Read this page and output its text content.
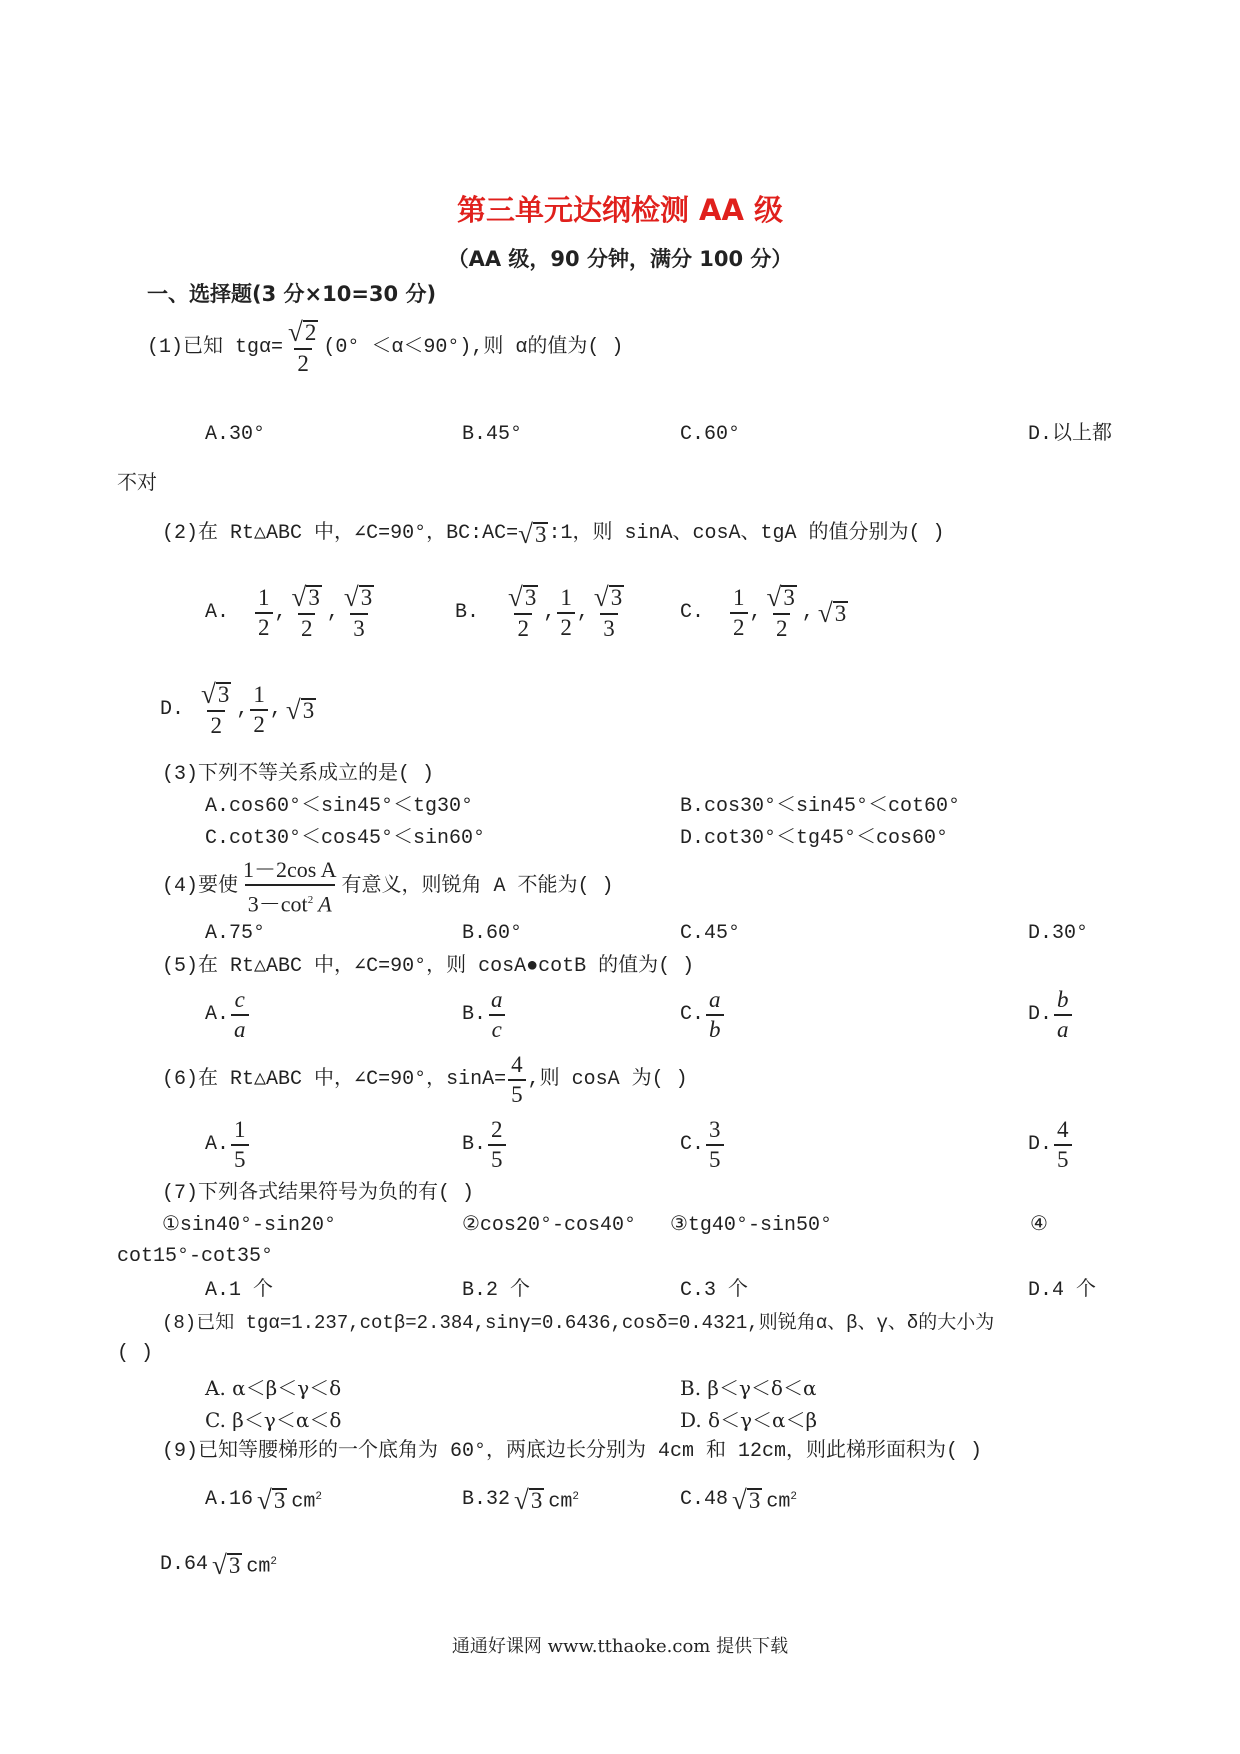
第三单元达纲检测 AA 级
（AA 级，90 分钟，满分 100 分）
一、选择题(3 分×10=30 分)
(1)已知 $tg\alpha= \frac{√ 2}{2} (0^\circ <\alpha<90^\circ)$,则 α的值为( )
A.30°	B.45°	C.60°	D.以上都
不对
(2)在 Rt△ABC 中，∠C=90°，BC:AC= √ 3 :1，则 sinA、cosA、tgA 的值分别为( )
A.
$\frac{1}{2}$ , $\frac{√ 3}{2}$ , $\frac{√ 3}{3}$	B.
$\frac{√ 3}{2}$ , $\frac{1}{2}$ , $\frac{√ 3}{3}$	C.
$\frac{1}{2}$ , $\frac{√ 3}{2}$ , √ 3
D.
$\frac{√ 3}{2}$ , $\frac{1}{2}$ , √ 3
(3)下列不等关系成立的是( )
A.cos60°＜sin45°＜tg30°	B.cos30°＜sin45°＜cot60°
C.cot30°＜cos45°＜sin60°	D.cot30°＜tg45°＜cos60°
(4)要使 $\frac{\text{1－2cos A}}{3-\cot^2 A}$ 有意义，则锐角 A 不能为( )
A.75°	B.60°	C.45°	D.30°
(5)在 Rt△ABC 中，∠C=90°，则 cosA●cotB 的值为( )
A. $\frac{c}{a}$	B. $\frac{a}{c}$	C. $\frac{a}{b}$	D. $\frac{b}{a}$
(6)在 Rt△ABC 中，∠C=90°，$\sin A= \frac{4}{5}$ ,则 cosA 为( )
A. $\frac{1}{5}$	B. $\frac{2}{5}$	C. $\frac{3}{5}$	D. $\frac{4}{5}$
(7)下列各式结果符号为负的有( )
①sin40°-sin20°	②cos20°-cos40° ③tg40°-sin50°	④
cot15°-cot35°
A.1 个	B.2 个	C.3 个	D.4 个
(8)已知 tgα=1.237,cotβ=2.384,sinγ=0.6436,cosδ=0.4321,则锐角α、β、γ、δ的大小为
( )
A. α＜β＜γ＜δ	B. β＜γ＜δ＜α
C. β＜γ＜α＜δ	D. δ＜γ＜α＜β
(9)已知等腰梯形的一个底角为 60°，两底边长分别为 4cm 和 12cm，则此梯形面积为( )
A.16 √ 3 $cm^2$	B.32 √ 3 $cm^2$	C.48 √ 3 $cm^2$
D.64 √ 3 $cm^2$
通通好课网 www.tthaoke.com 提供下载
